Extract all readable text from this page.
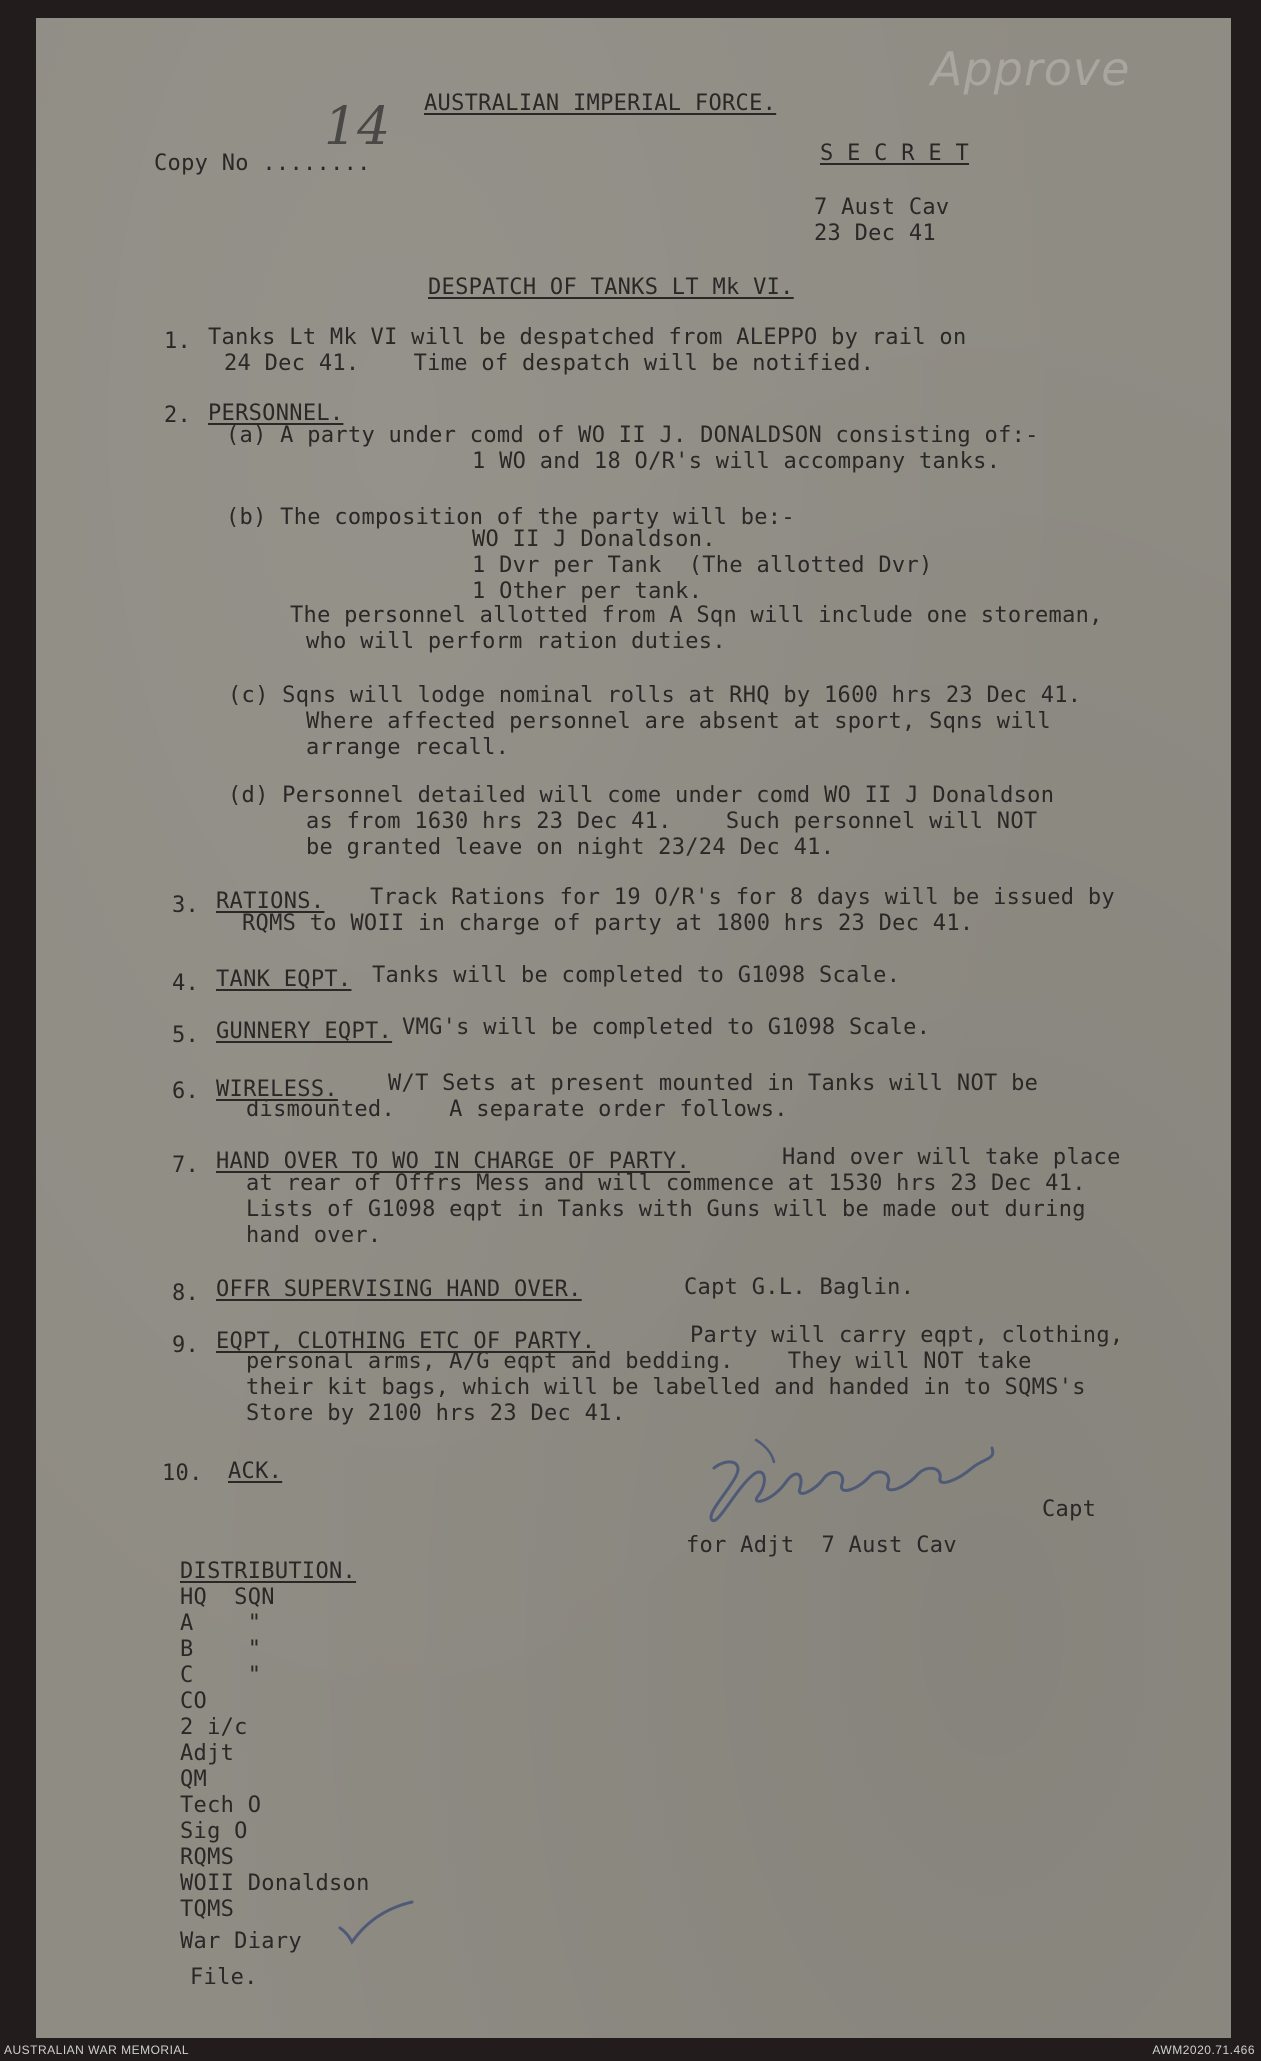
AUSTRALIAN IMPERIAL FORCE.
Approve
Copy No ........
14	S E C R E T
7 Aust Cav
23 Dec 41
DESPATCH OF TANKS LT Mk VI.
1. Tanks Lt Mk VI will be despatched from ALEPPO by rail on
24 Dec 41.    Time of despatch will be notified.
2. PERSONNEL.
(a) A party under comd of WO II J. DONALDSON consisting of:-
1 WO and 18 O/R's will accompany tanks.
(b) The composition of the party will be:-
WO II J Donaldson.
1 Dvr per Tank  (The allotted Dvr)
1 Other per tank.
The personnel allotted from A Sqn will include one storeman,
who will perform ration duties.
(c) Sqns will lodge nominal rolls at RHQ by 1600 hrs 23 Dec 41.
Where affected personnel are absent at sport, Sqns will
arrange recall.
(d) Personnel detailed will come under comd WO II J Donaldson
as from 1630 hrs 23 Dec 41.    Such personnel will NOT
be granted leave on night 23/24 Dec 41.
3. RATIONS. Track Rations for 19 O/R's for 8 days will be issued by
RQMS to WOII in charge of party at 1800 hrs 23 Dec 41.
4. TANK EQPT. Tanks will be completed to G1098 Scale.
5. GUNNERY EQPT. VMG's will be completed to G1098 Scale.
6. WIRELESS. W/T Sets at present mounted in Tanks will NOT be
dismounted.    A separate order follows.
7. HAND OVER TO WO IN CHARGE OF PARTY.	Hand over will take place
at rear of Offrs Mess and will commence at 1530 hrs 23 Dec 41.
Lists of G1098 eqpt in Tanks with Guns will be made out during
hand over.
8. OFFR SUPERVISING HAND OVER.	Capt G.L. Baglin.
9. EQPT, CLOTHING ETC OF PARTY.	Party will carry eqpt, clothing,
personal arms, A/G eqpt and bedding.    They will NOT take
their kit bags, which will be labelled and handed in to SQMS's
Store by 2100 hrs 23 Dec 41.
10. ACK.
Capt
for Adjt  7 Aust Cav
DISTRIBUTION.
HQ  SQN
A    "
B    "
C    "
CO
2 i/c
Adjt
QM
Tech O
Sig O
RQMS
WOII Donaldson
TQMS
War Diary
File.
AUSTRALIAN WAR MEMORIAL	AWM2020.71.466
